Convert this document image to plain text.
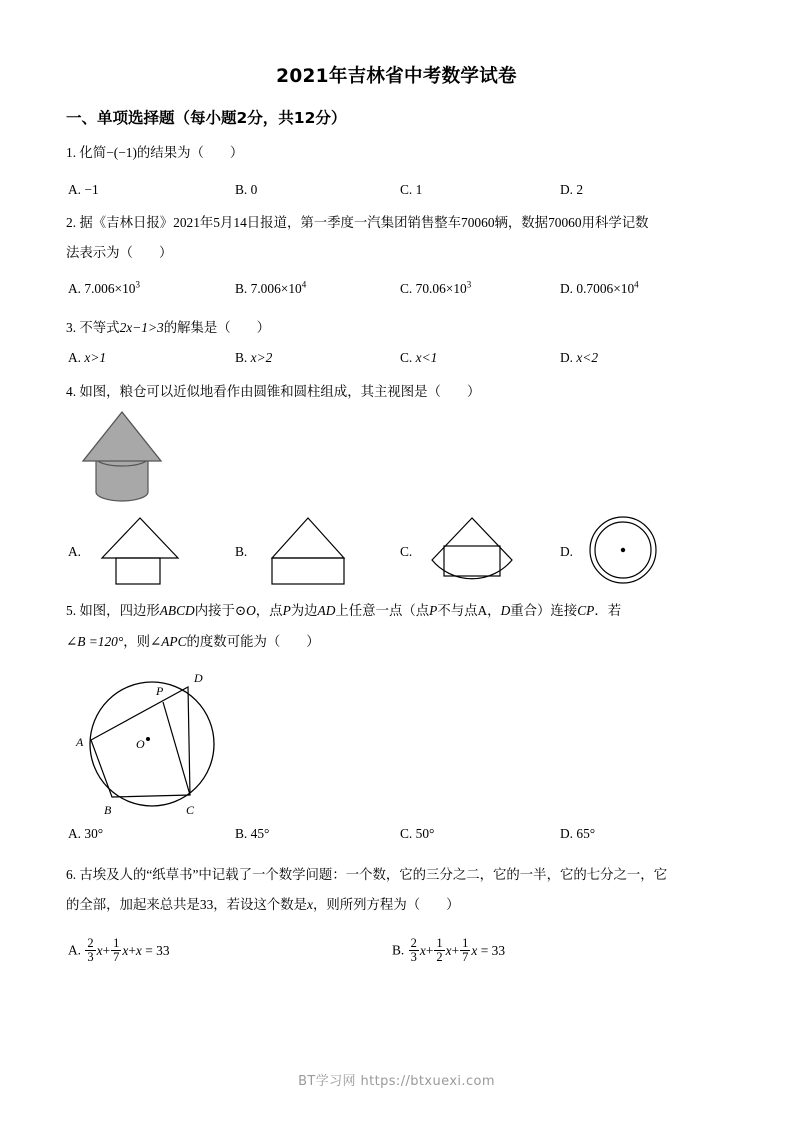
2021年吉林省中考数学试卷
一、单项选择题（每小题2分，共12分）
1. 化简−(−1)的结果为（ ）
A. −1	B. 0	C. 1	D. 2
2. 据《吉林日报》2021年5月14日报道，第一季度一汽集团销售整车70060辆，数据70060用科学记数
法表示为（ ）
A. $7.006\times 10^3$	B. $7.006\times 10^4$	C. $70.06\times 10^3$	D. $0.7006\times 10^4$
3. 不等式2x−1>3的解集是（ ）
A. x>1	B. x>2	C. x<1	D. x<2
4. 如图，粮仓可以近似地看作由圆锥和圆柱组成，其主视图是（ ）
A.	B.	C.	D.
5. 如图，四边形ABCD内接于⊙O，点P为边AD上任意一点（点P不与点A，D重合）连接CP．若
∠B =120°，则∠APC的度数可能为（ ）
A
B	C
D
P
O
A. 30°	B. 45°	C. 50°	D. 65°
6. 古埃及人的“纸草书”中记载了一个数学问题：一个数，它的三分之二，它的一半，它的七分之一，它
的全部，加起来总共是33，若设这个数是x，则所列方程为（ ）
A. $\frac{2}{3} x+ \frac{1}{7} x+x = 33$	B. $\frac{2}{3} x+ \frac{1}{2} x+ \frac{1}{7}$ x = 33
BT学习网 https://btxuexi.com
